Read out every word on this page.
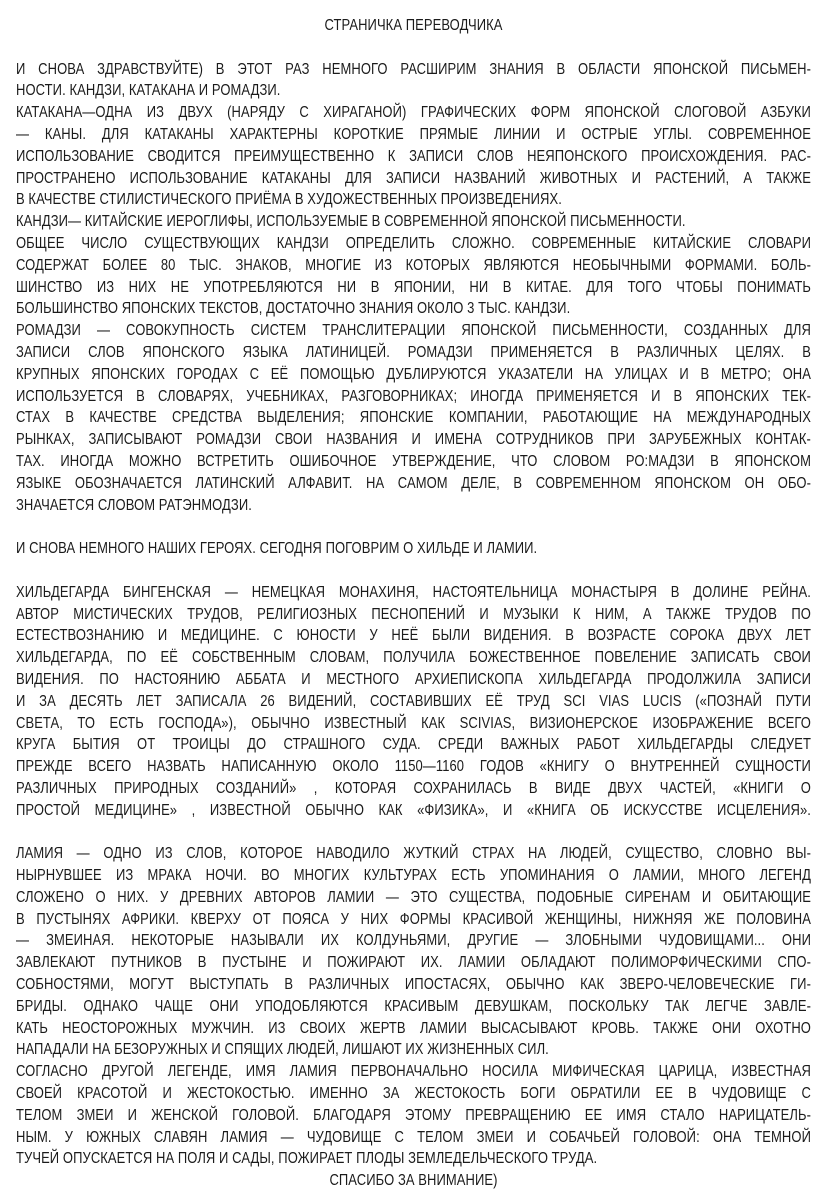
СТРАНИЧКА ПЕРЕВОДЧИКА
И СНОВА ЗДРАВСТВУЙТЕ) В ЭТОТ РАЗ НЕМНОГО РАСШИРИМ ЗНАНИЯ В ОБЛАСТИ ЯПОНСКОЙ ПИСЬМЕН-
НОСТИ. КАНДЗИ, КАТАКАНА И РОМАДЗИ.
КАТАКАНА—ОДНА ИЗ ДВУХ (НАРЯДУ С ХИРАГАНОЙ) ГРАФИЧЕСКИХ ФОРМ ЯПОНСКОЙ СЛОГОВОЙ АЗБУКИ
— КАНЫ. ДЛЯ КАТАКАНЫ ХАРАКТЕРНЫ КОРОТКИЕ ПРЯМЫЕ ЛИНИИ И ОСТРЫЕ УГЛЫ. СОВРЕМЕННОЕ
ИСПОЛЬЗОВАНИЕ СВОДИТСЯ ПРЕИМУЩЕСТВЕННО К ЗАПИСИ СЛОВ НЕЯПОНСКОГО ПРОИСХОЖДЕНИЯ. РАС-
ПРОСТРАНЕНО ИСПОЛЬЗОВАНИЕ КАТАКАНЫ ДЛЯ ЗАПИСИ НАЗВАНИЙ ЖИВОТНЫХ И РАСТЕНИЙ, А ТАКЖЕ
В КАЧЕСТВЕ СТИЛИСТИЧЕСКОГО ПРИЁМА В ХУДОЖЕСТВЕННЫХ ПРОИЗВЕДЕНИЯХ.
КАНДЗИ— КИТАЙСКИЕ ИЕРОГЛИФЫ, ИСПОЛЬЗУЕМЫЕ В СОВРЕМЕННОЙ ЯПОНСКОЙ ПИСЬМЕННОСТИ.
ОБЩЕЕ ЧИСЛО СУЩЕСТВУЮЩИХ КАНДЗИ ОПРЕДЕЛИТЬ СЛОЖНО. СОВРЕМЕННЫЕ КИТАЙСКИЕ СЛОВАРИ
СОДЕРЖАТ БОЛЕЕ 80 ТЫС. ЗНАКОВ, МНОГИЕ ИЗ КОТОРЫХ ЯВЛЯЮТСЯ НЕОБЫЧНЫМИ ФОРМАМИ. БОЛЬ-
ШИНСТВО ИЗ НИХ НЕ УПОТРЕБЛЯЮТСЯ НИ В ЯПОНИИ, НИ В КИТАЕ. ДЛЯ ТОГО ЧТОБЫ ПОНИМАТЬ
БОЛЬШИНСТВО ЯПОНСКИХ ТЕКСТОВ, ДОСТАТОЧНО ЗНАНИЯ ОКОЛО 3 ТЫС. КАНДЗИ.
РОМАДЗИ — СОВОКУПНОСТЬ СИСТЕМ ТРАНСЛИТЕРАЦИИ ЯПОНСКОЙ ПИСЬМЕННОСТИ, СОЗДАННЫХ ДЛЯ
ЗАПИСИ СЛОВ ЯПОНСКОГО ЯЗЫКА ЛАТИНИЦЕЙ. РОМАДЗИ ПРИМЕНЯЕТСЯ В РАЗЛИЧНЫХ ЦЕЛЯХ. В
КРУПНЫХ ЯПОНСКИХ ГОРОДАХ С ЕЁ ПОМОЩЬЮ ДУБЛИРУЮТСЯ УКАЗАТЕЛИ НА УЛИЦАХ И В МЕТРО; ОНА
ИСПОЛЬЗУЕТСЯ В СЛОВАРЯХ, УЧЕБНИКАХ, РАЗГОВОРНИКАХ; ИНОГДА ПРИМЕНЯЕТСЯ И В ЯПОНСКИХ ТЕК-
СТАХ В КАЧЕСТВЕ СРЕДСТВА ВЫДЕЛЕНИЯ; ЯПОНСКИЕ КОМПАНИИ, РАБОТАЮЩИЕ НА МЕЖДУНАРОДНЫХ
РЫНКАХ, ЗАПИСЫВАЮТ РОМАДЗИ СВОИ НАЗВАНИЯ И ИМЕНА СОТРУДНИКОВ ПРИ ЗАРУБЕЖНЫХ КОНТАК-
ТАХ. ИНОГДА МОЖНО ВСТРЕТИТЬ ОШИБОЧНОЕ УТВЕРЖДЕНИЕ, ЧТО СЛОВОМ РО:МАДЗИ В ЯПОНСКОМ
ЯЗЫКЕ ОБОЗНАЧАЕТСЯ ЛАТИНСКИЙ АЛФАВИТ. НА САМОМ ДЕЛЕ, В СОВРЕМЕННОМ ЯПОНСКОМ ОН ОБО-
ЗНАЧАЕТСЯ СЛОВОМ РАТЭНМОДЗИ.
И СНОВА НЕМНОГО НАШИХ ГЕРОЯХ. СЕГОДНЯ ПОГОВРИМ О ХИЛЬДЕ И ЛАМИИ.
ХИЛЬДЕГАРДА БИНГЕНСКАЯ — НЕМЕЦКАЯ МОНАХИНЯ, НАСТОЯТЕЛЬНИЦА МОНАСТЫРЯ В ДОЛИНЕ РЕЙНА.
АВТОР МИСТИЧЕСКИХ ТРУДОВ, РЕЛИГИОЗНЫХ ПЕСНОПЕНИЙ И МУЗЫКИ К НИМ, А ТАКЖЕ ТРУДОВ ПО
ЕСТЕСТВОЗНАНИЮ И МЕДИЦИНЕ. С ЮНОСТИ У НЕЁ БЫЛИ ВИДЕНИЯ. В ВОЗРАСТЕ СОРОКА ДВУХ ЛЕТ
ХИЛЬДЕГАРДА, ПО ЕЁ СОБСТВЕННЫМ СЛОВАМ, ПОЛУЧИЛА БОЖЕСТВЕННОЕ ПОВЕЛЕНИЕ ЗАПИСАТЬ СВОИ
ВИДЕНИЯ. ПО НАСТОЯНИЮ АББАТА И МЕСТНОГО АРХИЕПИСКОПА ХИЛЬДЕГАРДА ПРОДОЛЖИЛА ЗАПИСИ
И ЗА ДЕСЯТЬ ЛЕТ ЗАПИСАЛА 26 ВИДЕНИЙ, СОСТАВИВШИХ ЕЁ ТРУД SCI VIAS LUCIS («ПОЗНАЙ ПУТИ
СВЕТА, ТО ЕСТЬ ГОСПОДА»), ОБЫЧНО ИЗВЕСТНЫЙ КАК SCIVIAS, ВИЗИОНЕРСКОЕ ИЗОБРАЖЕНИЕ ВСЕГО
КРУГА БЫТИЯ ОТ ТРОИЦЫ ДО СТРАШНОГО СУДА. СРЕДИ ВАЖНЫХ РАБОТ ХИЛЬДЕГАРДЫ СЛЕДУЕТ
ПРЕЖДЕ ВСЕГО НАЗВАТЬ НАПИСАННУЮ ОКОЛО 1150—1160 ГОДОВ «КНИГУ О ВНУТРЕННЕЙ СУЩНОСТИ
РАЗЛИЧНЫХ ПРИРОДНЫХ СОЗДАНИЙ» , КОТОРАЯ СОХРАНИЛАСЬ В ВИДЕ ДВУХ ЧАСТЕЙ, «КНИГИ О
ПРОСТОЙ МЕДИЦИНЕ» , ИЗВЕСТНОЙ ОБЫЧНО КАК «ФИЗИКА», И «КНИГА ОБ ИСКУССТВЕ ИСЦЕЛЕНИЯ».
ЛАМИЯ — ОДНО ИЗ СЛОВ, КОТОРОЕ НАВОДИЛО ЖУТКИЙ СТРАХ НА ЛЮДЕЙ, СУЩЕСТВО, СЛОВНО ВЫ-
НЫРНУВШЕЕ ИЗ МРАКА НОЧИ. ВО МНОГИХ КУЛЬТУРАХ ЕСТЬ УПОМИНАНИЯ О ЛАМИИ, МНОГО ЛЕГЕНД
СЛОЖЕНО О НИХ. У ДРЕВНИХ АВТОРОВ ЛАМИИ — ЭТО СУЩЕСТВА, ПОДОБНЫЕ СИРЕНАМ И ОБИТАЮЩИЕ
В ПУСТЫНЯХ АФРИКИ. КВЕРХУ ОТ ПОЯСА У НИХ ФОРМЫ КРАСИВОЙ ЖЕНЩИНЫ, НИЖНЯЯ ЖЕ ПОЛОВИНА
— ЗМЕИНАЯ. НЕКОТОРЫЕ НАЗЫВАЛИ ИХ КОЛДУНЬЯМИ, ДРУГИЕ — ЗЛОБНЫМИ ЧУДОВИЩАМИ... ОНИ
ЗАВЛЕКАЮТ ПУТНИКОВ В ПУСТЫНЕ И ПОЖИРАЮТ ИХ. ЛАМИИ ОБЛАДАЮТ ПОЛИМОРФИЧЕСКИМИ СПО-
СОБНОСТЯМИ, МОГУТ ВЫСТУПАТЬ В РАЗЛИЧНЫХ ИПОСТАСЯХ, ОБЫЧНО КАК ЗВЕРО-ЧЕЛОВЕЧЕСКИЕ ГИ-
БРИДЫ. ОДНАКО ЧАЩЕ ОНИ УПОДОБЛЯЮТСЯ КРАСИВЫМ ДЕВУШКАМ, ПОСКОЛЬКУ ТАК ЛЕГЧЕ ЗАВЛЕ-
КАТЬ НЕОСТОРОЖНЫХ МУЖЧИН. ИЗ СВОИХ ЖЕРТВ ЛАМИИ ВЫСАСЫВАЮТ КРОВЬ. ТАКЖЕ ОНИ ОХОТНО
НАПАДАЛИ НА БЕЗОРУЖНЫХ И СПЯЩИХ ЛЮДЕЙ, ЛИШАЮТ ИХ ЖИЗНЕННЫХ СИЛ.
СОГЛАСНО ДРУГОЙ ЛЕГЕНДЕ, ИМЯ ЛАМИЯ ПЕРВОНАЧАЛЬНО НОСИЛА МИФИЧЕСКАЯ ЦАРИЦА, ИЗВЕСТНАЯ
СВОЕЙ КРАСОТОЙ И ЖЕСТОКОСТЬЮ. ИМЕННО ЗА ЖЕСТОКОСТЬ БОГИ ОБРАТИЛИ ЕЕ В ЧУДОВИЩЕ С
ТЕЛОМ ЗМЕИ И ЖЕНСКОЙ ГОЛОВОЙ. БЛАГОДАРЯ ЭТОМУ ПРЕВРАЩЕНИЮ ЕЕ ИМЯ СТАЛО НАРИЦАТЕЛЬ-
НЫМ. У ЮЖНЫХ СЛАВЯН ЛАМИЯ — ЧУДОВИЩЕ С ТЕЛОМ ЗМЕИ И СОБАЧЬЕЙ ГОЛОВОЙ: ОНА ТЕМНОЙ
ТУЧЕЙ ОПУСКАЕТСЯ НА ПОЛЯ И САДЫ, ПОЖИРАЕТ ПЛОДЫ ЗЕМЛЕДЕЛЬЧЕСКОГО ТРУДА.
СПАСИБО ЗА ВНИМАНИЕ)
